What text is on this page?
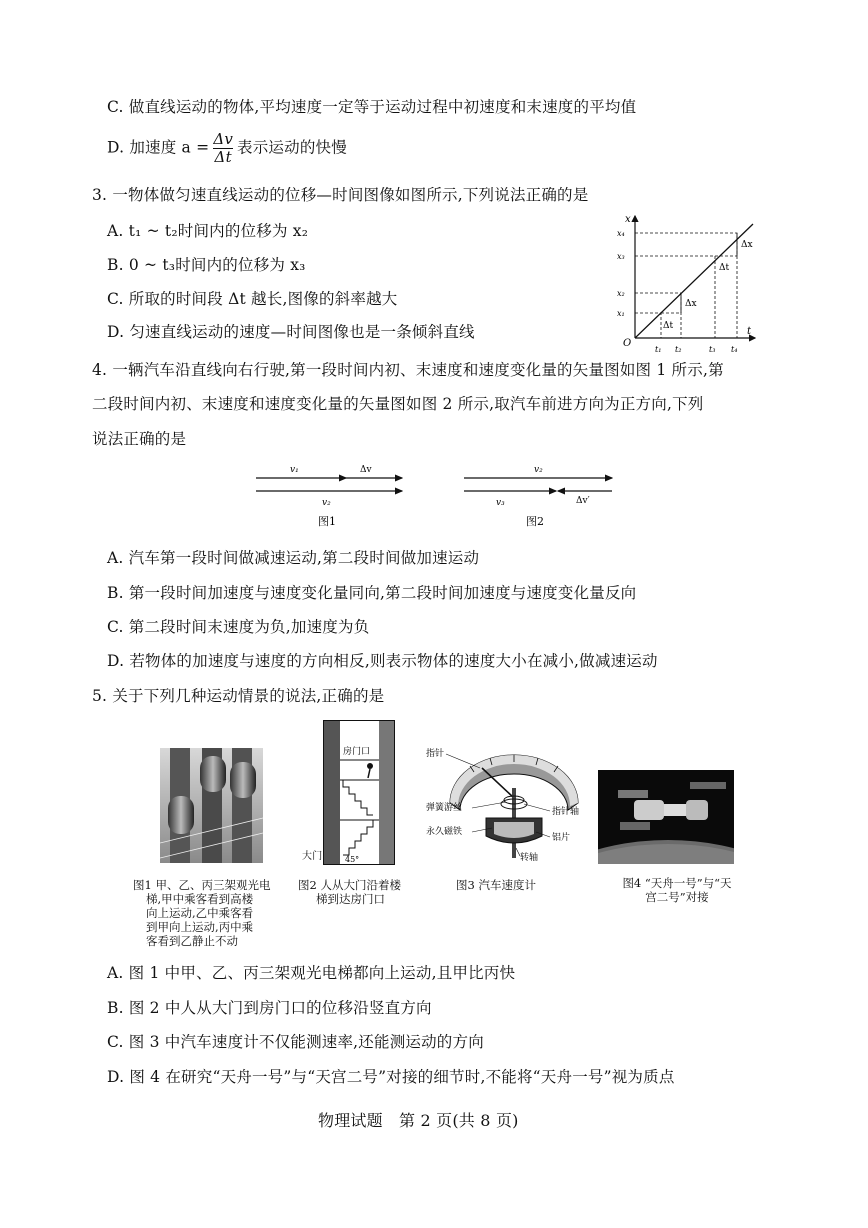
C. 做直线运动的物体,平均速度一定等于运动过程中初速度和末速度的平均值
D. 加速度 $a = \frac{\Delta v}{\Delta t}$ 表示运动的快慢
3. 一物体做匀速直线运动的位移—时间图像如图所示,下列说法正确的是
A. t₁ ~ t₂时间内的位移为 x₂
B. 0 ~ t₃时间内的位移为 x₃
C. 所取的时间段 Δt 越长,图像的斜率越大
D. 匀速直线运动的速度—时间图像也是一条倾斜直线
x
t
O
x₁
x₂
x₃
x₄
t₁ t₂	t₃ t₄
Δx
Δt
Δx
Δt
4. 一辆汽车沿直线向右行驶,第一段时间内初、末速度和速度变化量的矢量图如图 1 所示,第
二段时间内初、末速度和速度变化量的矢量图如图 2 所示,取汽车前进方向为正方向,下列
说法正确的是
v₁	Δv
v₂
图1
v₂
v₃	Δv′
图2
A. 汽车第一段时间做减速运动,第二段时间做加速运动
B. 第一段时间加速度与速度变化量同向,第二段时间加速度与速度变化量反向
C. 第二段时间末速度为负,加速度为负
D. 若物体的加速度与速度的方向相反,则表示物体的速度大小在减小,做减速运动
5. 关于下列几种运动情景的说法,正确的是
房门口
45°
大门
指针
弹簧游丝	指针轴
永久磁铁
铝片
转轴
图1 甲、乙、丙三架观光电
梯,甲中乘客看到高楼
向上运动,乙中乘客看
到甲向上运动,丙中乘
客看到乙静止不动
图2 人从大门沿着楼
梯到达房门口
图3 汽车速度计	图4 “天舟一号”与“天
宫二号”对接
A. 图 1 中甲、乙、丙三架观光电梯都向上运动,且甲比丙快
B. 图 2 中人从大门到房门口的位移沿竖直方向
C. 图 3 中汽车速度计不仅能测速率,还能测运动的方向
D. 图 4 在研究“天舟一号”与“天宫二号”对接的细节时,不能将“天舟一号”视为质点
物理试题　第 2 页(共 8 页)
